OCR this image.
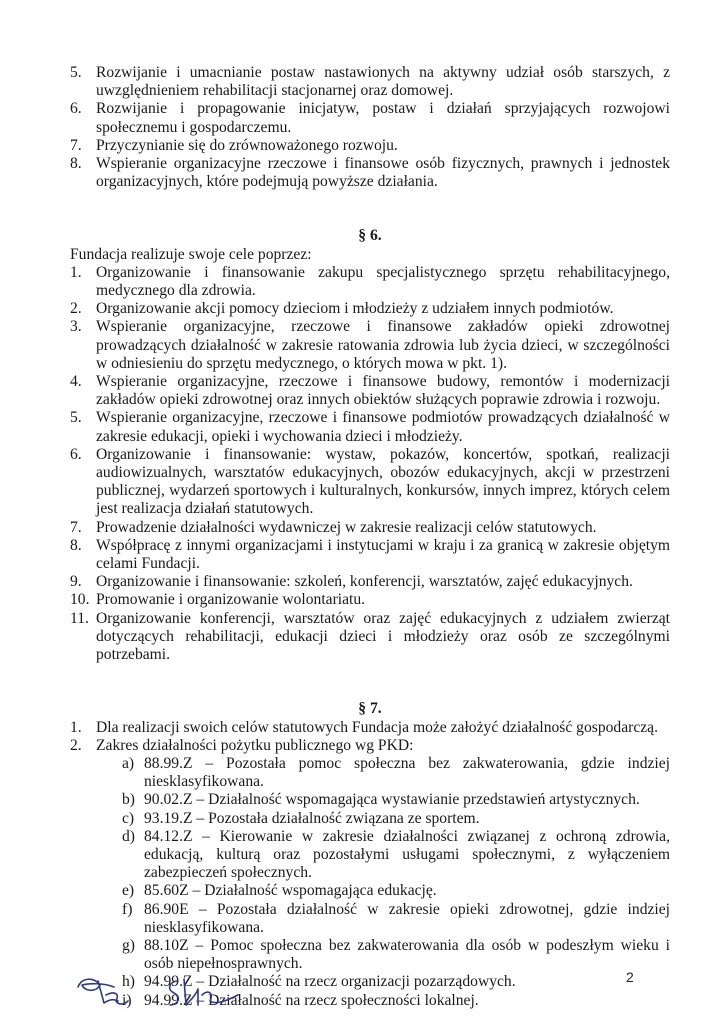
5. Rozwijanie i umacnianie postaw nastawionych na aktywny udział osób starszych, z uwzględnieniem rehabilitacji stacjonarnej oraz domowej.
6. Rozwijanie i propagowanie inicjatyw, postaw i działań sprzyjających rozwojowi społecznemu i gospodarczemu.
7. Przyczynianie się do zrównoważonego rozwoju.
8. Wspieranie organizacyjne rzeczowe i finansowe osób fizycznych, prawnych i jednostek organizacyjnych, które podejmują powyższe działania.

§ 6.

Fundacja realizuje swoje cele poprzez:

1. Organizowanie i finansowanie zakupu specjalistycznego sprzętu rehabilitacyjnego, medycznego dla zdrowia.
2. Organizowanie akcji pomocy dzieciom i młodzieży z udziałem innych podmiotów.
3. Wspieranie organizacyjne, rzeczowe i finansowe zakładów opieki zdrowotnej prowadzących działalność w zakresie ratowania zdrowia lub życia dzieci, w szczególności w odniesieniu do sprzętu medycznego, o których mowa w pkt. 1).
4. Wspieranie organizacyjne, rzeczowe i finansowe budowy, remontów i modernizacji zakładów opieki zdrowotnej oraz innych obiektów służących poprawie zdrowia i rozwoju.
5. Wspieranie organizacyjne, rzeczowe i finansowe podmiotów prowadzących działalność w zakresie edukacji, opieki i wychowania dzieci i młodzieży.
6. Organizowanie i finansowanie: wystaw, pokazów, koncertów, spotkań, realizacji audiowizualnych, warsztatów edukacyjnych, obozów edukacyjnych, akcji w przestrzeni publicznej, wydarzeń sportowych i kulturalnych, konkursów, innych imprez, których celem jest realizacja działań statutowych.
7. Prowadzenie działalności wydawniczej w zakresie realizacji celów statutowych.
8. Współpracę z innymi organizacjami i instytucjami w kraju i za granicą w zakresie objętym celami Fundacji.
9. Organizowanie i finansowanie: szkoleń, konferencji, warsztatów, zajęć edukacyjnych.
10. Promowanie i organizowanie wolontariatu.
11. Organizowanie konferencji, warsztatów oraz zajęć edukacyjnych z udziałem zwierząt dotyczących rehabilitacji, edukacji dzieci i młodzieży oraz osób ze szczególnymi potrzebami.

§ 7.

1. Dla realizacji swoich celów statutowych Fundacja może założyć działalność gospodarczą.
2. Zakres działalności pożytku publicznego wg PKD:
a) 88.99.Z – Pozostała pomoc społeczna bez zakwaterowania, gdzie indziej niesklasyfikowana.
b) 90.02.Z – Działalność wspomagająca wystawianie przedstawień artystycznych.
c) 93.19.Z – Pozostała działalność związana ze sportem.
d) 84.12.Z – Kierowanie w zakresie działalności związanej z ochroną zdrowia, edukacją, kulturą oraz pozostałymi usługami społecznymi, z wyłączeniem zabezpieczeń społecznych.
e) 85.60Z – Działalność wspomagająca edukację.
f) 86.90E – Pozostała działalność w zakresie opieki zdrowotnej, gdzie indziej niesklasyfikowana.
g) 88.10Z – Pomoc społeczna bez zakwaterowania dla osób w podeszłym wieku i osób niepełnosprawnych.
h) 94.99.Z – Działalność na rzecz organizacji pozarządowych.
i) 94.99.Z – Działalność na rzecz społeczności lokalnej.
2
